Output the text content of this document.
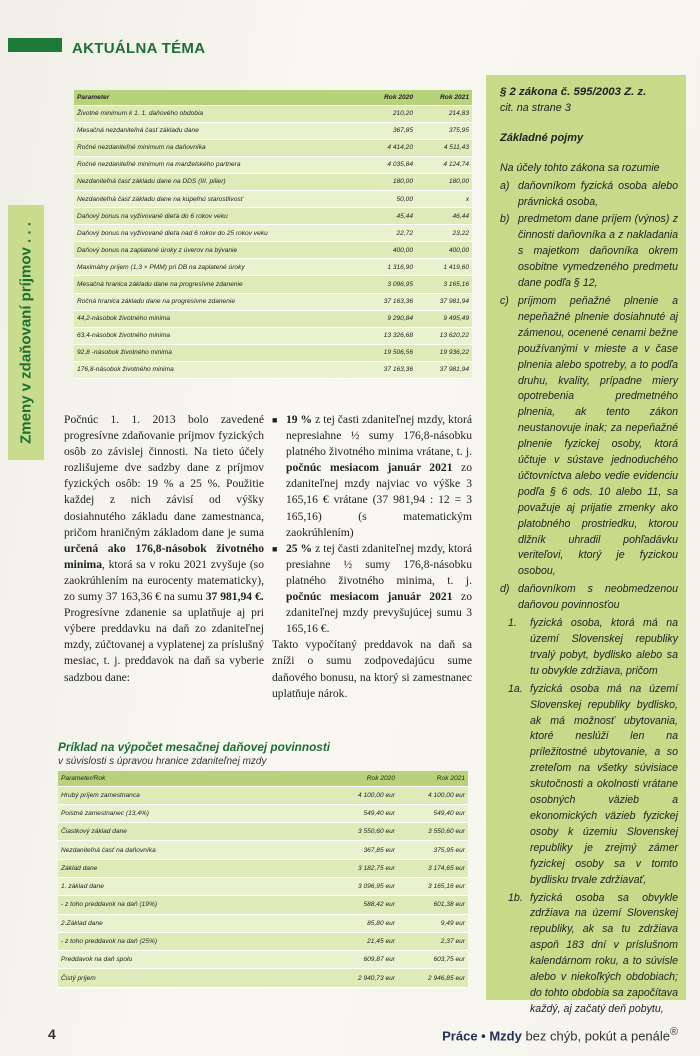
AKTUÁLNA TÉMA
Zmeny v zdaňovaní príjmov . . .
Parameter	Rok 2020	Rok 2021
Životné minimum k 1. 1. daňového obdobia	210,20	214,83
Mesačná nezdaniteľná časť základu dane	367,85	375,95
Ročné nezdaniteľné minimum na daňovníka	4 414,20	4 511,43
Ročné nezdaniteľné minimum na manželského partnera	4 035,84	4 124,74
Nezdaniteľná časť základu dane na DDS (III. pilier)	180,00	180,00
Nezdaniteľná časť základu dane na kúpeľnú starostlivosť	50,00	x
Daňový bonus na vyživované dieťa do 6 rokov veku	45,44	46,44
Daňový bonus na vyživované dieťa nad 6 rokov do 25 rokov veku	22,72	23,22
Daňový bonus na zaplatené úroky z úverov na bývanie	400,00	400,00
Maximálny príjem (1,3 × PMM) pri DB na zaplatené úroky	1 316,90	1 419,60
Mesačná hranica základu dane na progresívne zdanenie	3 096,95	3 165,16
Ročná hranica základu dane na progresívne zdanenie	37 163,36	37 981,94
44,2-násobok životného minima	9 290,84	9 495,49
63,4-násobok životného minima	13 326,68	13 620,22
92,8 -násobok životného minima	19 506,56	19 936,22
176,8-násobok životného minima	37 163,36	37 981,94

Počnúc 1. 1. 2013 bolo zavedené progresívne zdaňovanie príjmov fyzických osôb zo závislej činnosti. Na tieto účely rozlišujeme dve sadzby dane z príjmov fyzických osôb: 19 % a 25 %. Použitie každej z nich závisí od výšky dosiahnutého základu dane zamestnanca, pričom hraničným základom dane je suma určená ako 176,8-násobok životného minima, ktorá sa v roku 2021 zvyšuje (so zaokrúhlením na eurocenty matematicky), zo sumy 37 163,36 € na sumu 37 981,94 €.

Progresívne zdanenie sa uplatňuje aj pri výbere preddavku na daň zo zdaniteľnej mzdy, zúčtovanej a vyplatenej za príslušný mesiac, t. j. preddavok na daň sa vyberie sadzbou dane:

■ 19 % z tej časti zdaniteľnej mzdy, ktorá nepresiahne ½ sumy 176,8-násobku platného životného minima vrátane, t. j. počnúc mesiacom január 2021 zo zdaniteľnej mzdy najviac vo výške 3 165,16 € vrátane (37 981,94 : 12 = 3 165,16) (s matematickým zaokrúhlením)

■ 25 % z tej časti zdaniteľnej mzdy, ktorá presiahne ½ sumy 176,8-násobku platného životného minima, t. j. počnúc mesiacom január 2021 zo zdaniteľnej mzdy prevyšujúcej sumu 3 165,16 €.

Takto vypočítaný preddavok na daň sa zníži o sumu zodpovedajúcu sume daňového bonusu, na ktorý si zamestnanec uplatňuje nárok.

Príklad na výpočet mesačnej daňovej povinnosti
v súvislosti s úpravou hranice zdaniteľnej mzdy
Parameter/Rok	Rok 2020	Rok 2021
Hrubý príjem zamestnanca	4 100,00 eur	4 100,00 eur
Poistné zamestnanec (13,4%)	549,40 eur	549,40 eur
Čiastkový základ dane	3 550,60 eur	3 550,60 eur
Nezdaniteľná časť na daňovníka	367,85 eur	375,95 eur
Základ dane	3 182,75 eur	3 174,65 eur
1. základ dane	3 096,95 eur	3 165,16 eur
- z toho preddavok na daň (19%)	588,42 eur	601,38 eur
2.Základ dane	85,80 eur	9,49 eur
- z toho preddavok na daň (25%)	21,45 eur	2,37 eur
Preddavok na daň spolu	609,87 eur	603,75 eur
Čistý príjem	2 940,73 eur	2 946,85 eur
§ 2 zákona č. 595/2003 Z. z.
cit. na strane 3
Základné pojmy
Na účely tohto zákona sa rozumie
a) daňovníkom fyzická osoba alebo právnická osoba,
b) predmetom dane príjem (výnos) z činnosti daňovníka a z nakladania s majetkom daňovníka okrem osobitne vymedzeného predmetu dane podľa § 12,
c) príjmom peňažné plnenie a nepeňažné plnenie dosiahnuté aj zámenou, ocenené cenami bežne používanými v mieste a v čase plnenia alebo spotreby, a to podľa druhu, kvality, prípadne miery opotrebenia predmetného plnenia, ak tento zákon neustanovuje inak; za nepeňažné plnenie fyzickej osoby, ktorá účtuje v sústave jednoduchého účtovníctva alebo vedie evidenciu podľa § 6 ods. 10 alebo 11, sa považuje aj prijatie zmenky ako platobného prostriedku, ktorou dlžník uhradil pohľadávku veriteľovi, ktorý je fyzickou osobou,
d) daňovníkom s neobmedzenou daňovou povinnosťou
1.	fyzická osoba, ktorá má na území Slovenskej republiky trvalý pobyt, bydlisko alebo sa tu obvykle zdržiava, pričom
1a. fyzická osoba má na území Slovenskej republiky bydlisko, ak má možnosť ubytovania, ktoré neslúži len na príležitostné ubytovanie, a so zreteľom na všetky súvisiace skutočnosti a okolnosti vrátane osobných väzieb a ekonomických väzieb fyzickej osoby k územiu Slovenskej republiky je zrejmý zámer fyzickej osoby sa v tomto bydlisku trvale zdržiavať,
1b. fyzická osoba sa obvykle zdržiava na území Slovenskej republiky, ak sa tu zdržiava aspoň 183 dní v príslušnom kalendárnom roku, a to súvisle alebo v niekoľkých obdobiach; do tohto obdobia sa započítava každý, aj začatý deň pobytu,
4	Práce • Mzdy bez chýb, pokút a penále®
